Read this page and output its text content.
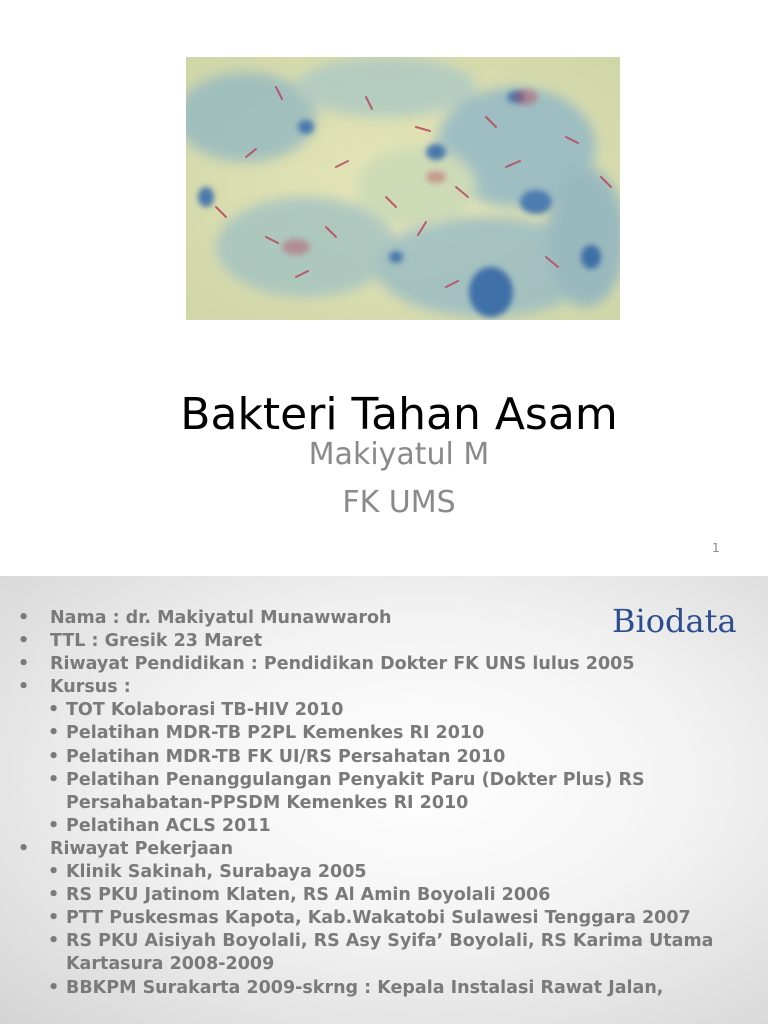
Bakteri Tahan Asam
Makiyatul M
FK UMS
1
Biodata
•	Nama : dr. Makiyatul Munawwaroh
•	TTL : Gresik 23 Maret
•	Riwayat Pendidikan : Pendidikan Dokter FK UNS lulus 2005
•	Kursus :
• TOT Kolaborasi TB-HIV 2010
• Pelatihan MDR-TB P2PL Kemenkes RI 2010
• Pelatihan MDR-TB FK UI/RS Persahatan 2010
• Pelatihan Penanggulangan Penyakit Paru (Dokter Plus) RS Persahabatan-PPSDM Kemenkes RI 2010
• Pelatihan ACLS 2011
•	Riwayat Pekerjaan
• Klinik Sakinah, Surabaya 2005
• RS PKU Jatinom Klaten, RS Al Amin Boyolali 2006
• PTT Puskesmas Kapota, Kab.Wakatobi Sulawesi Tenggara 2007
• RS PKU Aisiyah Boyolali, RS Asy Syifa’ Boyolali, RS Karima Utama Kartasura 2008-2009
• BBKPM Surakarta 2009-skrng : Kepala Instalasi Rawat Jalan,
